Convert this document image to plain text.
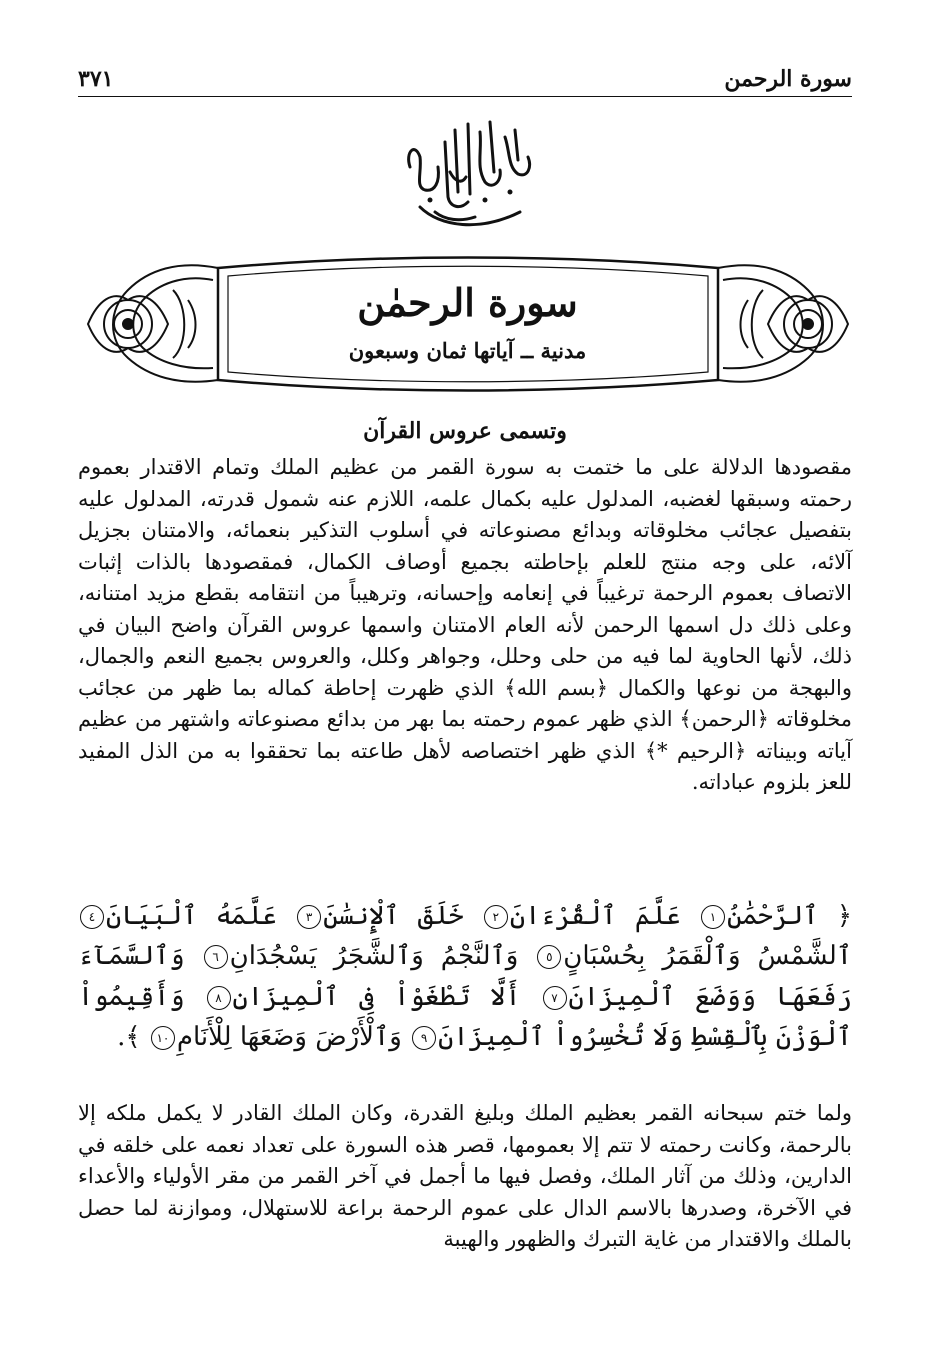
سورة الرحمن
٣٧١
سورة الرحمٰن
مدنية ــ آياتها ثمان وسبعون
وتسمى عروس القرآن
مقصودها الدلالة على ما ختمت به سورة القمر من عظيم الملك وتمام الاقتدار بعموم رحمته وسبقها لغضبه، المدلول عليه بكمال علمه، اللازم عنه شمول قدرته، المدلول عليه بتفصيل عجائب مخلوقاته وبدائع مصنوعاته في أسلوب التذكير بنعمائه، والامتنان بجزيل آلائه، على وجه منتج للعلم بإحاطته بجميع أوصاف الكمال، فمقصودها بالذات إثبات الاتصاف بعموم الرحمة ترغيباً في إنعامه وإحسانه، وترهيباً من انتقامه بقطع مزيد امتنانه، وعلى ذلك دل اسمها الرحمن لأنه العام الامتنان واسمها عروس القرآن واضح البيان في ذلك، لأنها الحاوية لما فيه من حلى وحلل، وجواهر وكلل، والعروس بجميع النعم والجمال، والبهجة من نوعها والكمال ﴿بسم الله﴾ الذي ظهرت إحاطة كماله بما ظهر من عجائب مخلوقاته ﴿الرحمن﴾ الذي ظهر عموم رحمته بما بهر من بدائع مصنوعاته واشتهر من عظيم آياته وبيناته ﴿الرحيم *﴾ الذي ظهر اختصاصه لأهل طاعته بما تحققوا به من الذل المفيد للعز بلزوم عباداته.
﴿ ٱلرَّحْمَٰنُ١ عَلَّمَ ٱلْقُرْءَانَ٢ خَلَقَ ٱلْإِنسَٰنَ٣ عَلَّمَهُ ٱلْبَيَانَ٤ ٱلشَّمْسُ وَٱلْقَمَرُ بِحُسْبَانٍ٥ وَٱلنَّجْمُ وَٱلشَّجَرُ يَسْجُدَانِ٦ وَٱلسَّمَآءَ رَفَعَهَا وَوَضَعَ ٱلْمِيزَانَ٧ أَلَّا تَطْغَوْاْ فِى ٱلْمِيزَانِ٨ وَأَقِيمُواْ ٱلْوَزْنَ بِٱلْقِسْطِ وَلَا تُخْسِرُواْ ٱلْمِيزَانَ٩ وَٱلْأَرْضَ وَضَعَهَا لِلْأَنَامِ١٠ ﴾.
ولما ختم سبحانه القمر بعظيم الملك وبليغ القدرة، وكان الملك القادر لا يكمل ملكه إلا بالرحمة، وكانت رحمته لا تتم إلا بعمومها، قصر هذه السورة على تعداد نعمه على خلقه في الدارين، وذلك من آثار الملك، وفصل فيها ما أجمل في آخر القمر من مقر الأولياء والأعداء في الآخرة، وصدرها بالاسم الدال على عموم الرحمة براعة للاستهلال، وموازنة لما حصل بالملك والاقتدار من غاية التبرك والظهور والهيبة
